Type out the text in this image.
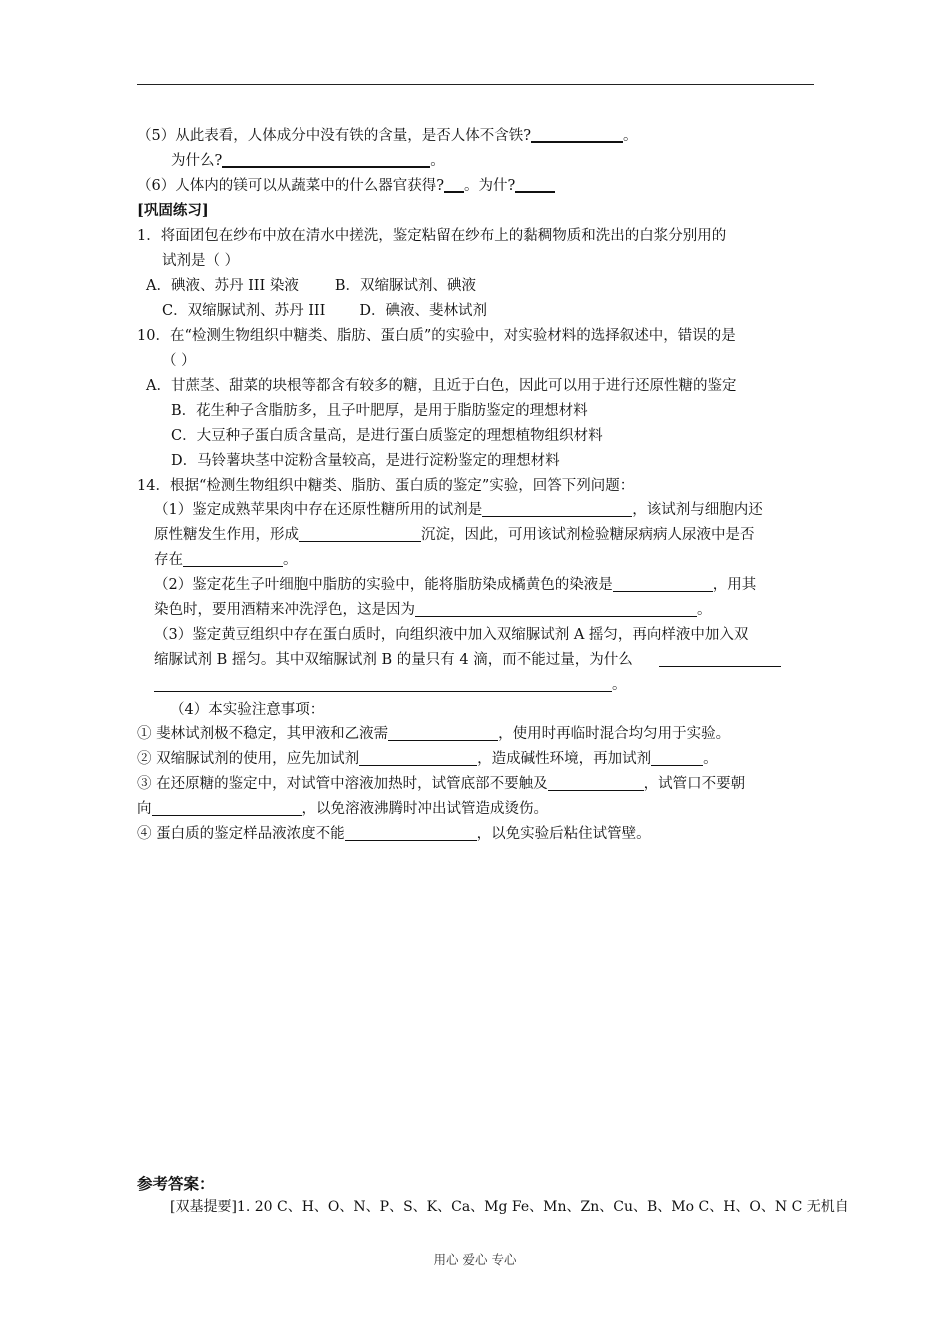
（5）从此表看，人体成分中没有铁的含量，是否人体不含铁?	。
为什么?	。
（6）人体内的镁可以从蔬菜中的什么器官获得? 。为什?
[巩固练习]
1．将面团包在纱布中放在清水中搓洗，鉴定粘留在纱布上的黏稠物质和洗出的白浆分别用的
试剂是（ ）
A．碘液、苏丹 III 染液 B．双缩脲试剂、碘液
C．双缩脲试剂、苏丹 III D．碘液、斐林试剂
10．在“检测生物组织中糖类、脂肪、蛋白质”的实验中，对实验材料的选择叙述中，错误的是
（ ）
A．甘蔗茎、甜菜的块根等都含有较多的糖，且近于白色，因此可以用于进行还原性糖的鉴定
B．花生种子含脂肪多，且子叶肥厚，是用于脂肪鉴定的理想材料
C．大豆种子蛋白质含量高，是进行蛋白质鉴定的理想植物组织材料
D．马铃薯块茎中淀粉含量较高，是进行淀粉鉴定的理想材料
14．根据“检测生物组织中糖类、脂肪、蛋白质的鉴定”实验，回答下列问题：
（1）鉴定成熟苹果肉中存在还原性糖所用的试剂是	，该试剂与细胞内还
原性糖发生作用，形成	沉淀，因此，可用该试剂检验糖尿病病人尿液中是否
存在	。
（2）鉴定花生子叶细胞中脂肪的实验中，能将脂肪染成橘黄色的染液是	，用其
染色时，要用酒精来冲洗浮色，这是因为	。
（3）鉴定黄豆组织中存在蛋白质时，向组织液中加入双缩脲试剂 A 摇匀，再向样液中加入双
缩脲试剂 B 摇匀。其中双缩脲试剂 B 的量只有 4 滴，而不能过量，为什么
。
（4）本实验注意事项：
① 斐林试剂极不稳定，其甲液和乙液需	，使用时再临时混合均匀用于实验。
② 双缩脲试剂的使用，应先加试剂	，造成碱性环境，再加试剂	。
③ 在还原糖的鉴定中，对试管中溶液加热时，试管底部不要触及	，试管口不要朝
向	，以免溶液沸腾时冲出试管造成烫伤。
④ 蛋白质的鉴定样品液浓度不能	，以免实验后粘住试管壁。
参考答案：
[双基提要]1. 20 C、H、O、N、P、S、K、Ca、Mg Fe、Mn、Zn、Cu、B、Mo C、H、O、N C 无机自
用心 爱心 专心
